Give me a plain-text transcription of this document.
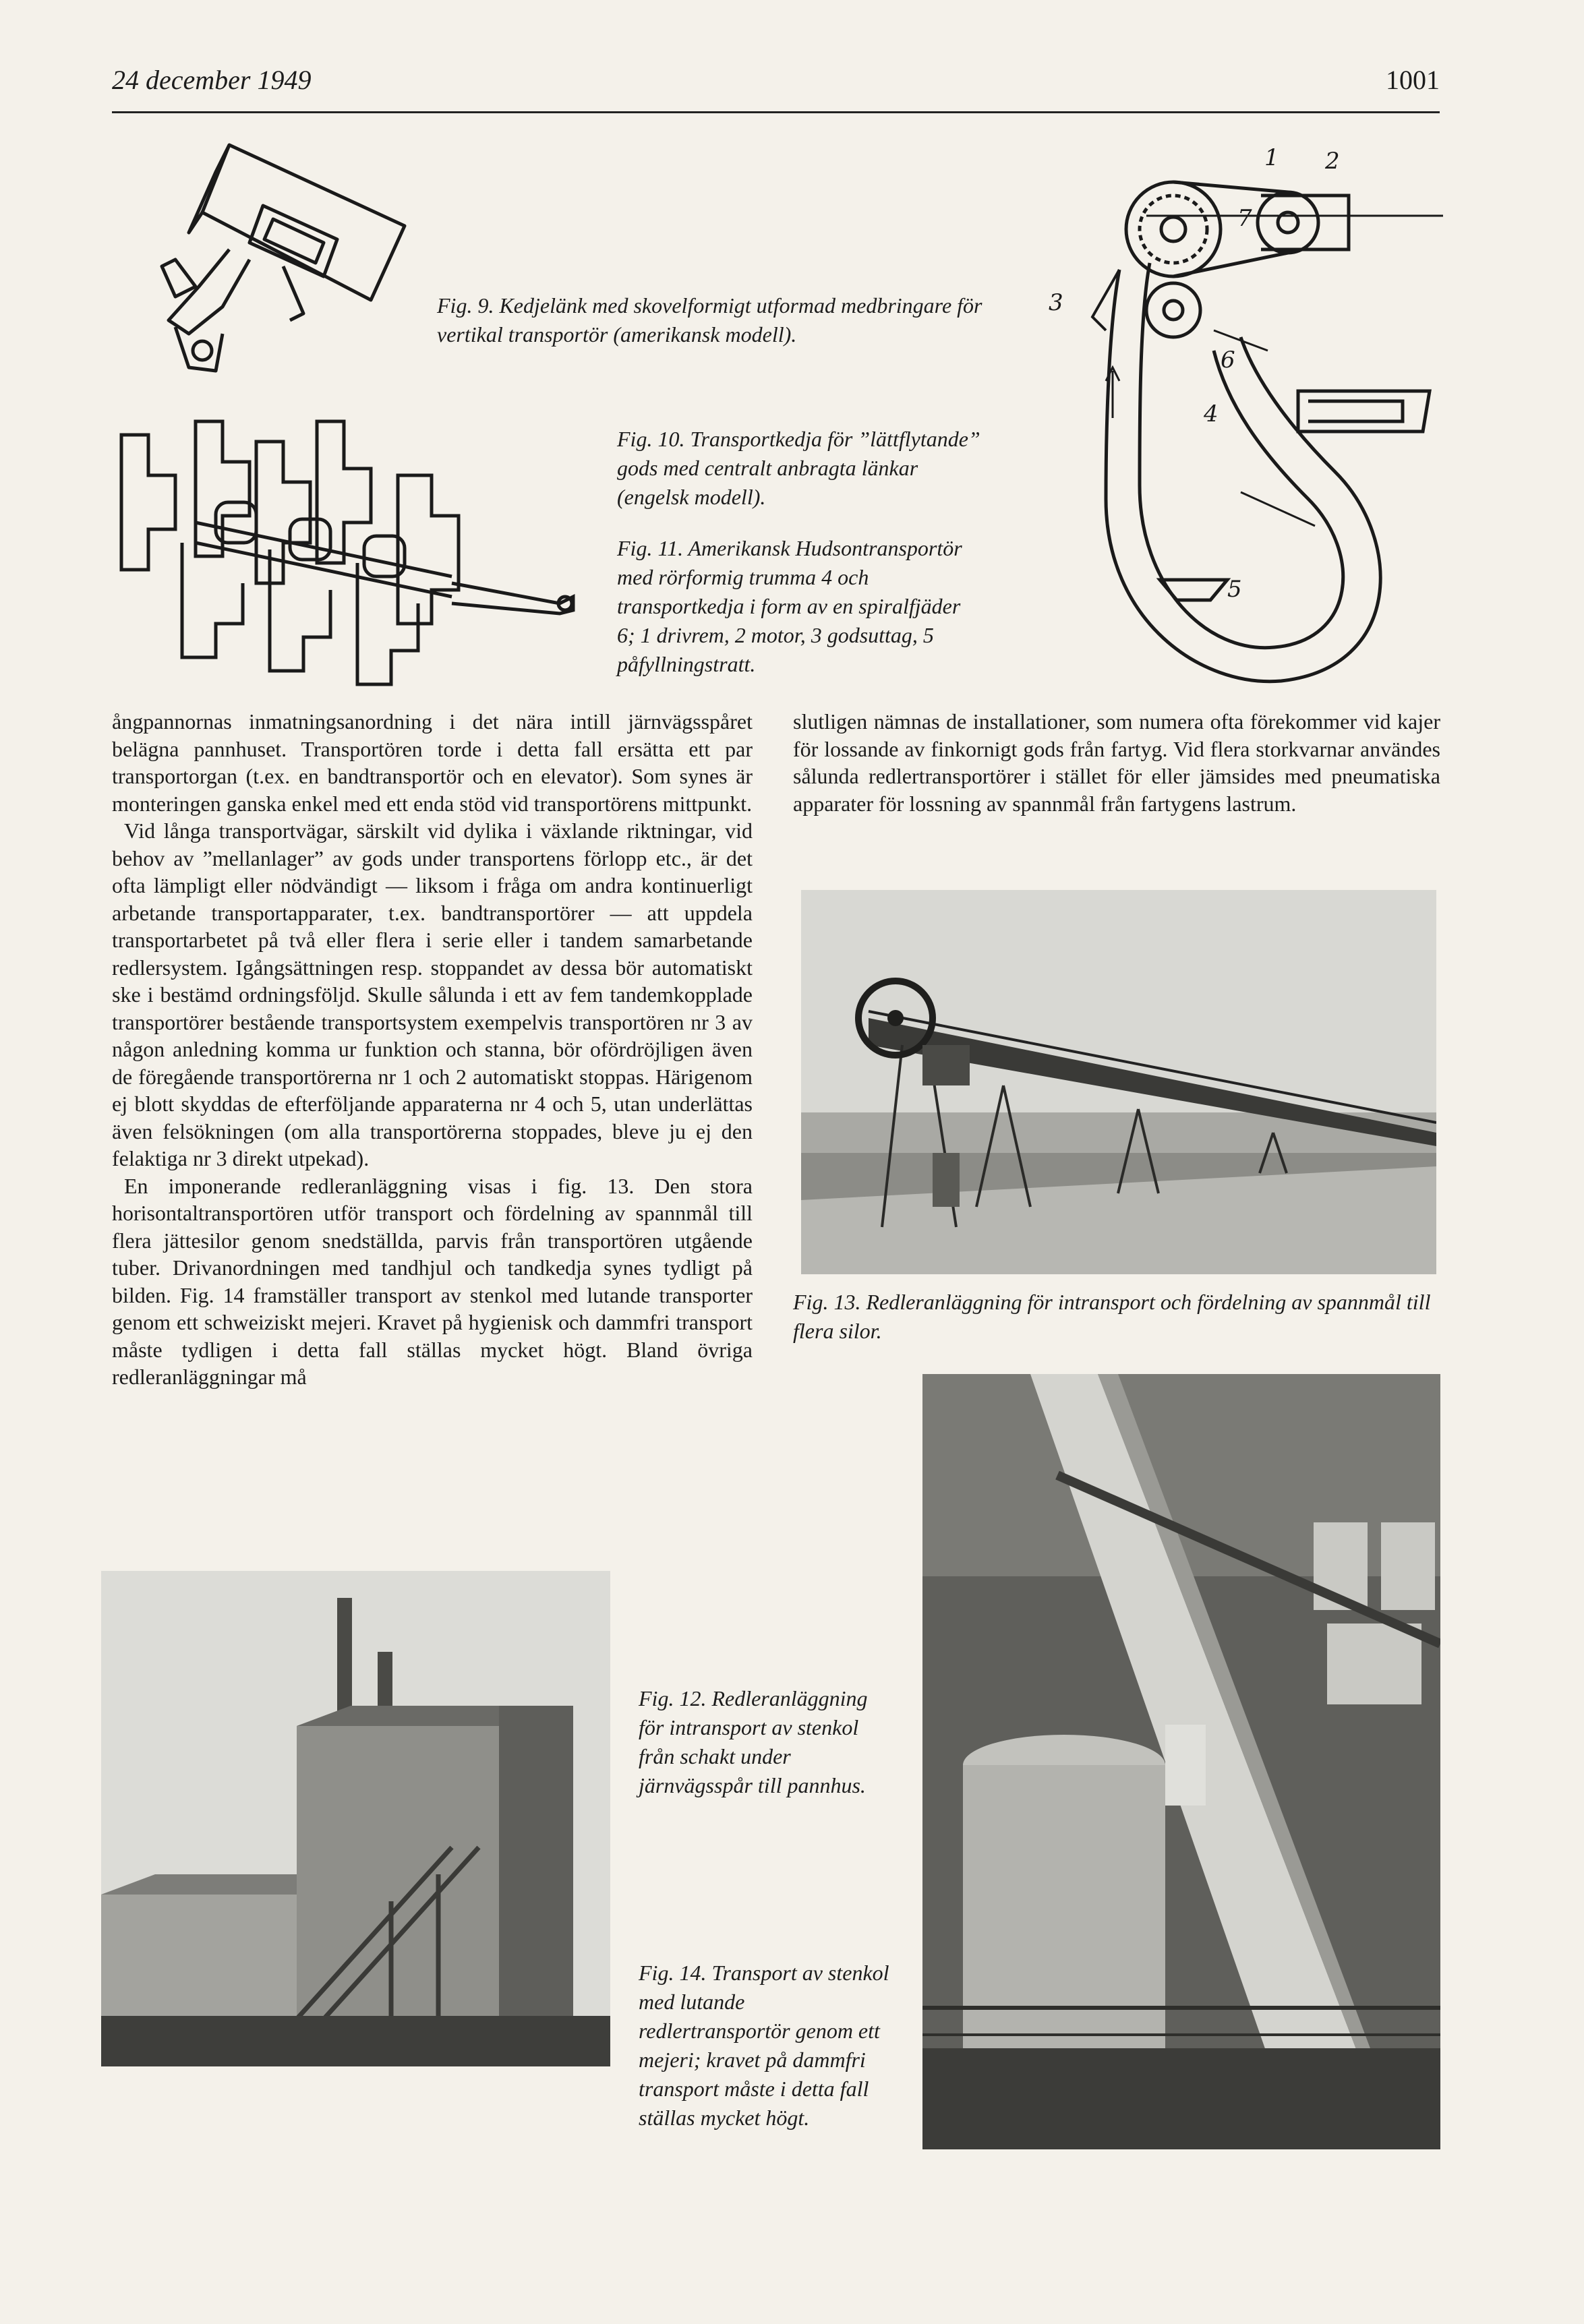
24 december 1949	1001
Fig. 9. Kedjelänk med skovelformigt utformad medbringare för vertikal transportör (amerikansk modell).
Fig. 10. Transportkedja för ”lättflytande” gods med centralt anbragta länkar (engelsk modell).
Fig. 11. Amerikansk Hudsontransportör med rörformig trumma 4 och transportkedja i form av en spiralfjäder 6; 1 drivrem, 2 motor, 3 godsuttag, 5 påfyllningstratt.
1 2
7
3
6
4
5

ångpannornas inmatningsanordning i det nära intill järnvägsspåret belägna pannhuset. Transportören torde i detta fall ersätta ett par transportorgan (t.ex. en bandtransportör och en elevator). Som synes är monteringen ganska enkel med ett enda stöd vid transportörens mittpunkt.

Vid långa transportvägar, särskilt vid dylika i växlande riktningar, vid behov av ”mellanlager” av gods under transportens förlopp etc., är det ofta lämpligt eller nödvändigt — liksom i fråga om andra kontinuerligt arbetande transportapparater, t.ex. bandtransportörer — att uppdela transportarbetet på två eller flera i serie eller i tandem samarbetande redlersystem. Igångsättningen resp. stoppandet av dessa bör automatiskt ske i bestämd ordningsföljd. Skulle sålunda i ett av fem tandemkopplade transportörer bestående transportsystem exempelvis transportören nr 3 av någon anledning komma ur funktion och stanna, bör ofördröjligen även de föregående transportörerna nr 1 och 2 automatiskt stoppas. Härigenom ej blott skyddas de efterföljande apparaterna nr 4 och 5, utan underlättas även felsökningen (om alla transportörerna stoppades, bleve ju ej den felaktiga nr 3 direkt utpekad).

En imponerande redleranläggning visas i fig. 13. Den stora horisontaltransportören utför transport och fördelning av spannmål till flera jättesilor genom snedställda, parvis från transportören utgående tuber. Drivanordningen med tandhjul och tandkedja synes tydligt på bilden. Fig. 14 framställer transport av stenkol med lutande transporter genom ett schweiziskt mejeri. Kravet på hygienisk och dammfri transport måste tydligen i detta fall ställas mycket högt. Bland övriga redleranläggningar må

slutligen nämnas de installationer, som numera ofta förekommer vid kajer för lossande av finkornigt gods från fartyg. Vid flera storkvarnar användes sålunda redlertransportörer i stället för eller jämsides med pneumatiska apparater för lossning av spannmål från fartygens lastrum.

Fig. 13. Redleranläggning för intransport och fördelning av spannmål till flera silor.
Fig. 12. Redleranläggning för intransport av stenkol från schakt under järnvägsspår till pannhus.
Fig. 14. Transport av stenkol med lutande redlertransportör genom ett mejeri; kravet på dammfri transport måste i detta fall ställas mycket högt.
